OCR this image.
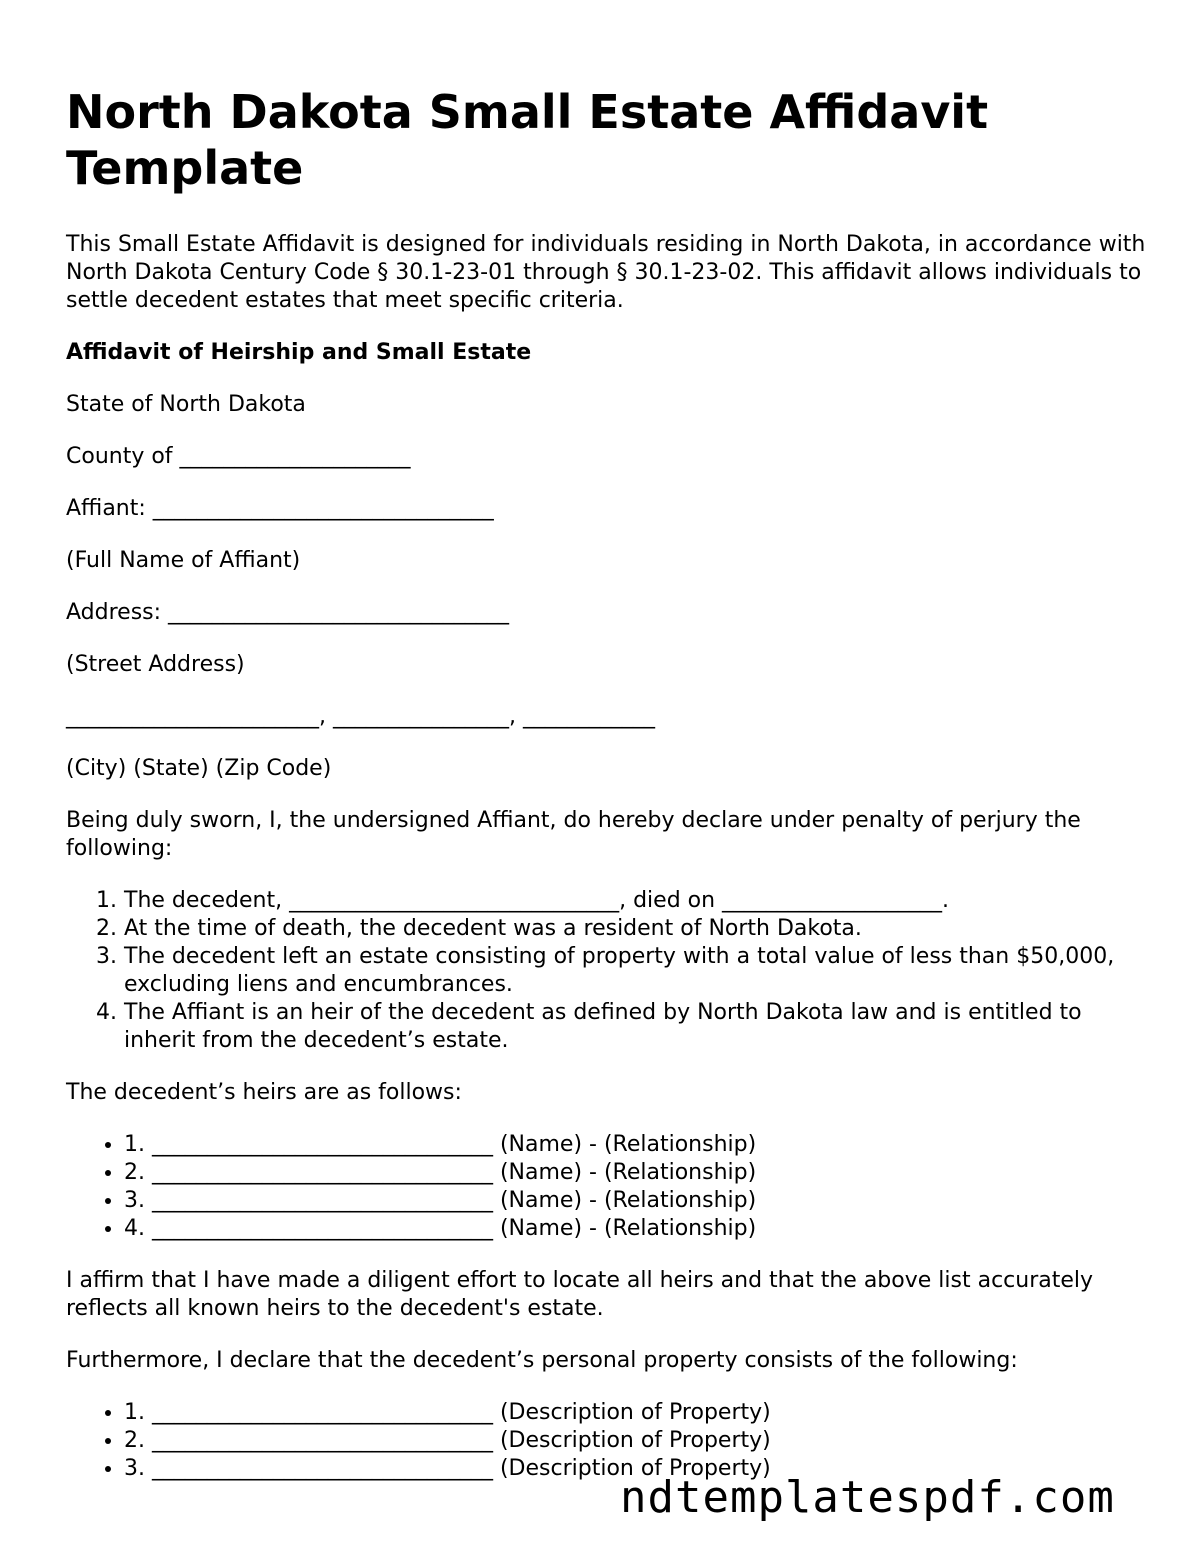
North Dakota Small Estate Affidavit Template

This Small Estate Affidavit is designed for individuals residing in North Dakota, in accordance with North Dakota Century Code § 30.1-23-01 through § 30.1-23-02. This affidavit allows individuals to settle decedent estates that meet specific criteria.

Affidavit of Heirship and Small Estate

State of North Dakota

County of _____________________

Affiant: _______________________________

(Full Name of Affiant)

Address: _______________________________

(Street Address)

_______________________, ________________, ____________

(City) (State) (Zip Code)

Being duly sworn, I, the undersigned Affiant, do hereby declare under penalty of perjury the following:

1. The decedent, ______________________________, died on ____________________.
2. At the time of death, the decedent was a resident of North Dakota.
3. The decedent left an estate consisting of property with a total value of less than $50,000, excluding liens and encumbrances.
4. The Affiant is an heir of the decedent as defined by North Dakota law and is entitled to inherit from the decedent’s estate.

The decedent’s heirs are as follows:

• 1. _______________________________ (Name) - (Relationship)
• 2. _______________________________ (Name) - (Relationship)
• 3. _______________________________ (Name) - (Relationship)
• 4. _______________________________ (Name) - (Relationship)

I affirm that I have made a diligent effort to locate all heirs and that the above list accurately reflects all known heirs to the decedent's estate.

Furthermore, I declare that the decedent’s personal property consists of the following:

• 1. _______________________________ (Description of Property)
• 2. _______________________________ (Description of Property)
• 3. _______________________________ (Description of Property)
ndtemplatespdf.com
